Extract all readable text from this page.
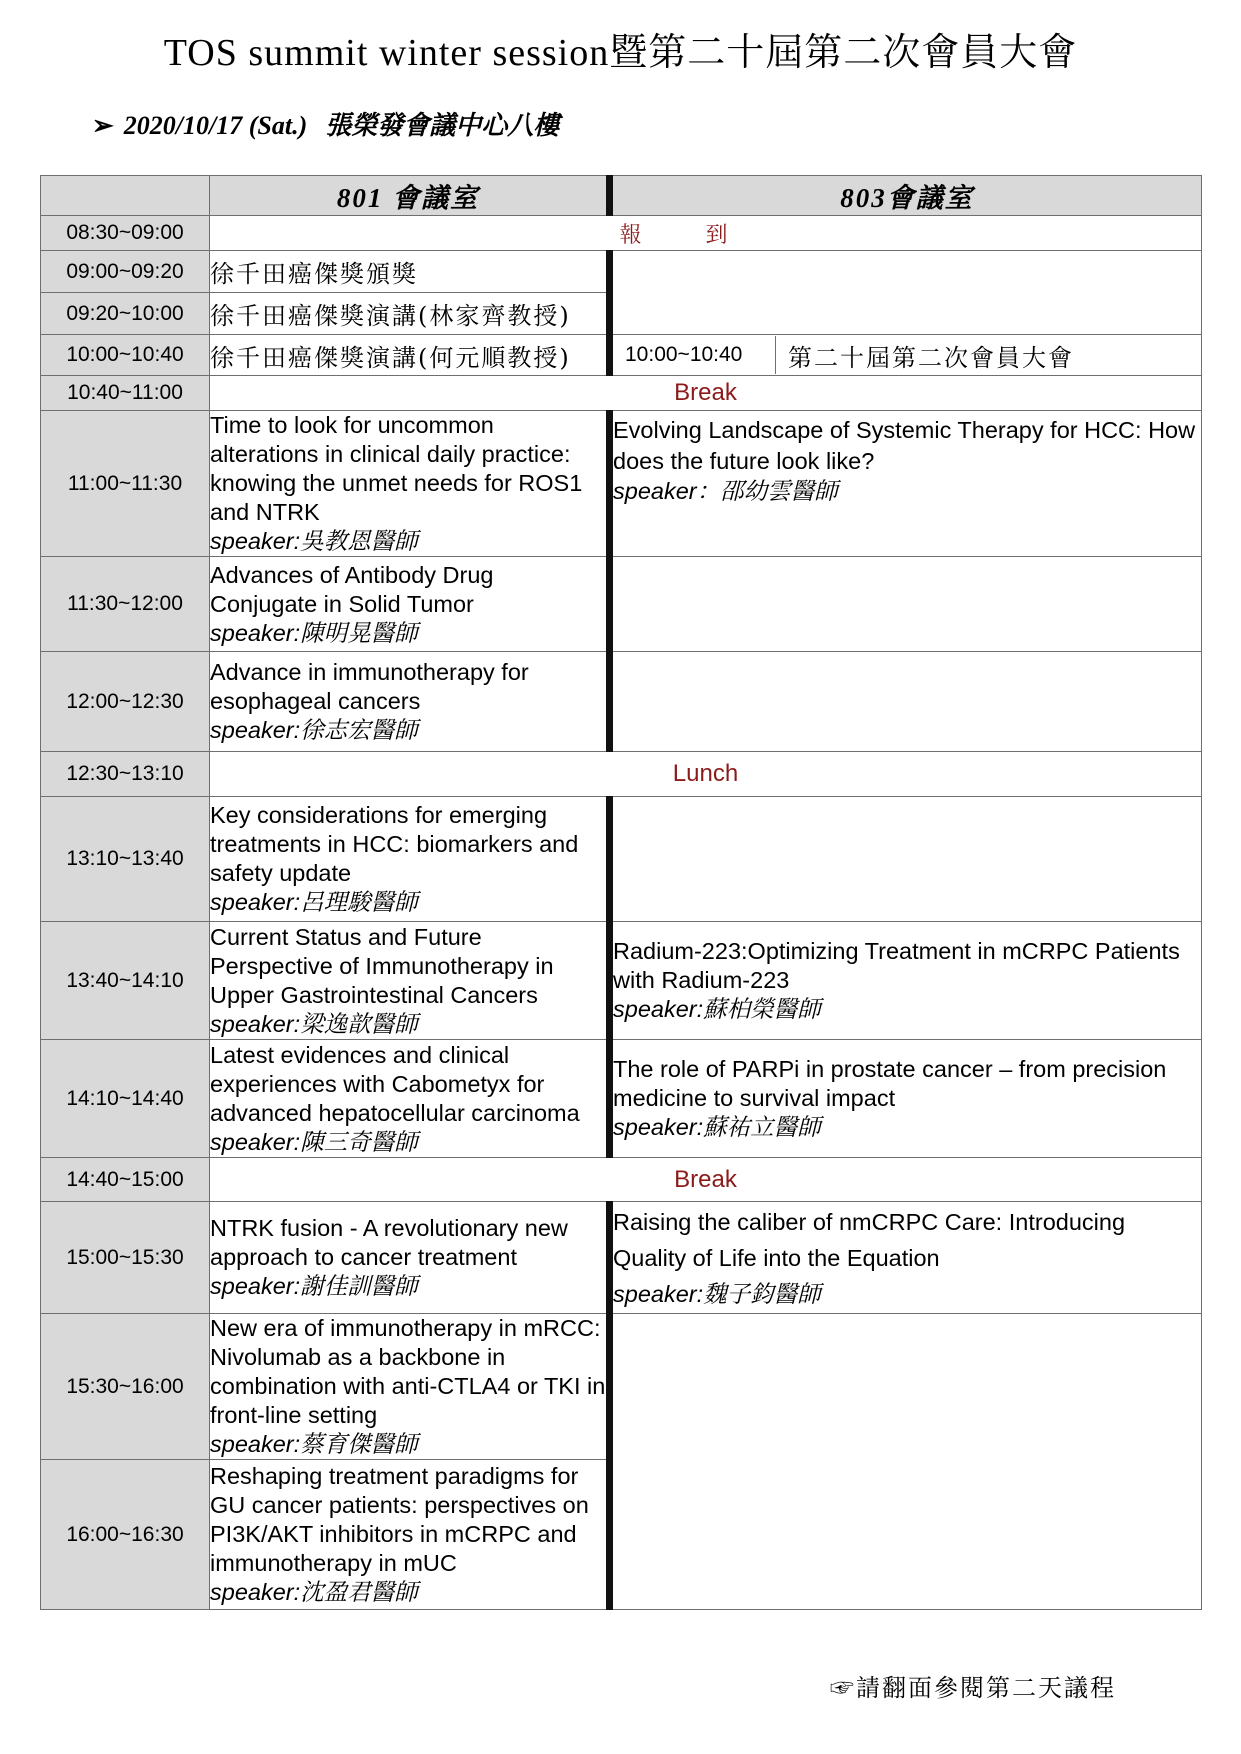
TOS summit winter session暨第二十屆第二次會員大會
➢ 2020/10/17 (Sat.) 張榮發會議中心八樓
	801 會議室	803會議室
08:30~09:00	報到	
09:00~09:20	徐千田癌傑獎頒獎	
09:20~10:00	徐千田癌傑獎演講(林家齊教授)	
10:00~10:40	徐千田癌傑獎演講(何元順教授)	10:00~10:40 第二十屆第二次會員大會

10:40~11:00	Break	
11:00~11:30	Time to look for uncommon alterations in clinical daily practice: knowing the unmet needs for ROS1 and NTRK
speaker:吳教恩醫師	Evolving Landscape of Systemic Therapy for HCC: How does the future look like?
speaker：邵幼雲醫師

11:30~12:00	Advances of Antibody Drug Conjugate in Solid Tumor
speaker:陳明晃醫師	

12:00~12:30	Advance in immunotherapy for esophageal cancers
speaker:徐志宏醫師	

12:30~13:10	Lunch	
13:10~13:40	Key considerations for emerging treatments in HCC: biomarkers and safety update
speaker:呂理駿醫師	

13:40~14:10	Current Status and Future Perspective of Immunotherapy in Upper Gastrointestinal Cancers
speaker:梁逸歆醫師	Radium-223:Optimizing Treatment in mCRPC Patients with Radium-223
speaker:蘇柏榮醫師

14:10~14:40	Latest evidences and clinical experiences with Cabometyx for advanced hepatocellular carcinoma
speaker:陳三奇醫師	The role of PARPi in prostate cancer – from precision medicine to survival impact
speaker:蘇祐立醫師

14:40~15:00	Break	
15:00~15:30	NTRK fusion - A revolutionary new approach to cancer treatment
speaker:謝佳訓醫師	Raising the caliber of nmCRPC Care: Introducing Quality of Life into the Equation
speaker:魏子鈞醫師

15:30~16:00	New era of immunotherapy in mRCC: Nivolumab as a backbone in combination with anti-CTLA4 or TKI in front-line setting
speaker:蔡育傑醫師	

16:00~16:30	Reshaping treatment paradigms for GU cancer patients: perspectives on PI3K/AKT inhibitors in mCRPC and immunotherapy in mUC
speaker:沈盈君醫師	
☞請翻面參閱第二天議程
